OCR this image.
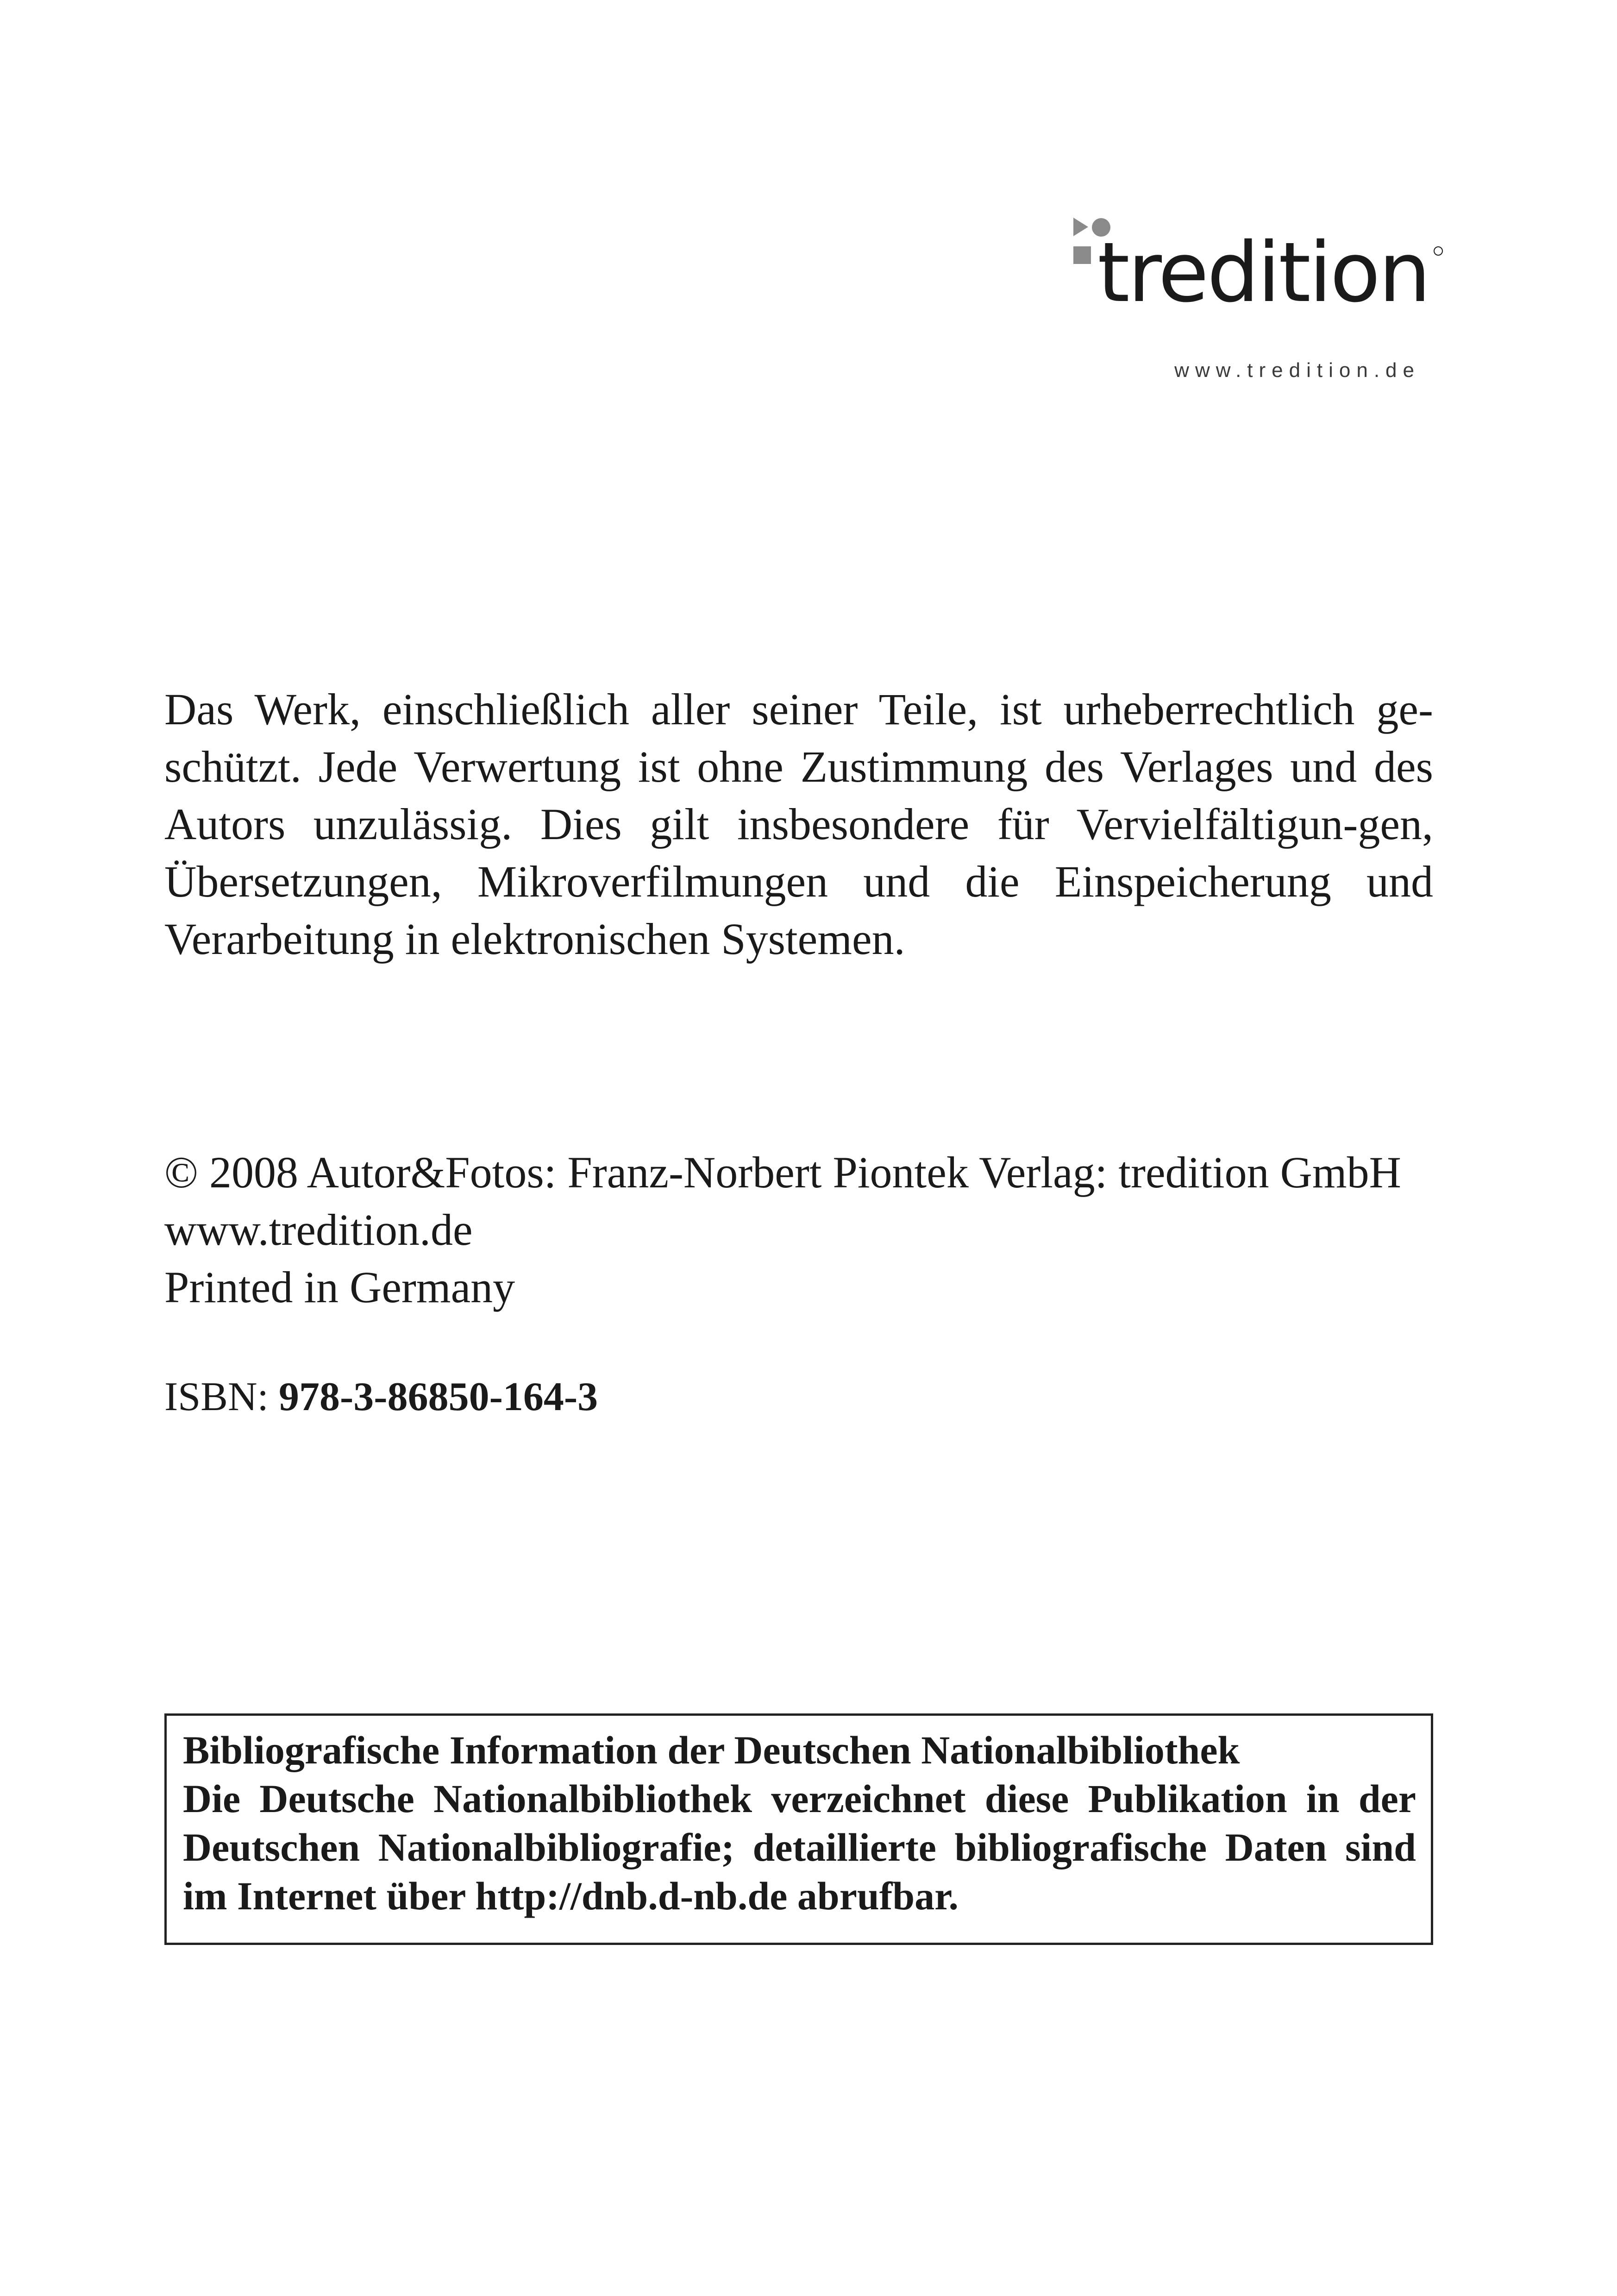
tredition
www.tredition.de

Das Werk, einschließlich aller seiner Teile, ist urheberrechtlich ge-schützt. Jede Verwertung ist ohne Zustimmung des Verlages und des Autors unzulässig. Dies gilt insbesondere für Vervielfältigun-gen, Übersetzungen, Mikroverfilmungen und die Einspeicherung und Verarbeitung in elektronischen Systemen.

© 2008 Autor&Fotos: Franz-Norbert Piontek Verlag: tredition GmbH
www.tredition.de
Printed in Germany
ISBN: 978-3-86850-164-3
Bibliografische Information der Deutschen Nationalbibliothek

Die Deutsche Nationalbibliothek verzeichnet diese Publikation in der Deutschen Nationalbibliografie; detaillierte bibliografische Daten sind im Internet über http://dnb.d-nb.de abrufbar.
